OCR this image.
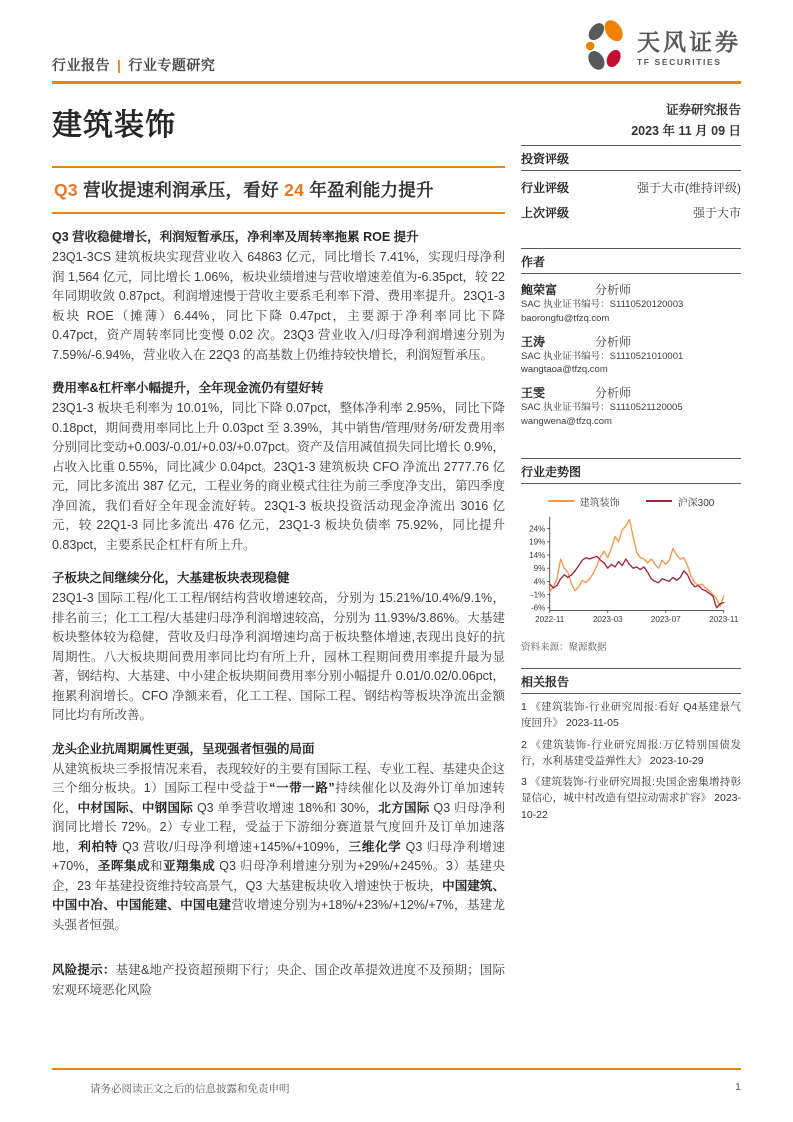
行业报告 | 行业专题研究
天风证券
TF SECURITIES
建筑装饰
Q3 营收提速利润承压，看好 24 年盈利能力提升
Q3 营收稳健增长，利润短暂承压，净利率及周转率拖累 ROE 提升

23Q1-3CS 建筑板块实现营业收入 64863 亿元，同比增长 7.41%，实现归母净利润 1,564 亿元，同比增长 1.06%，板块业绩增速与营收增速差值为-6.35pct，较 22 年同期收敛 0.87pct。利润增速慢于营收主要系毛利率下滑、费用率提升。23Q1-3 板块 ROE（摊薄）6.44%，同比下降 0.47pct，主要源于净利率同比下降 0.47pct，资产周转率同比变慢 0.02 次。23Q3 营业收入/归母净利润增速分别为 7.59%/-6.94%，营业收入在 22Q3 的高基数上仍维持较快增长，利润短暂承压。

费用率&杠杆率小幅提升，全年现金流仍有望好转

23Q1-3 板块毛利率为 10.01%，同比下降 0.07pct，整体净利率 2.95%，同比下降 0.18pct，期间费用率同比上升 0.03pct 至 3.39%，其中销售/管理/财务/研发费用率分别同比变动+0.003/-0.01/+0.03/+0.07pct。资产及信用减值损失同比增长 0.9%，占收入比重 0.55%，同比减少 0.04pct。23Q1-3 建筑板块 CFO 净流出 2777.76 亿元，同比多流出 387 亿元，工程业务的商业模式往往为前三季度净支出，第四季度净回流，我们看好全年现金流好转。23Q1-3 板块投资活动现金净流出 3016 亿元，较 22Q1-3 同比多流出 476 亿元，23Q1-3 板块负债率 75.92%，同比提升 0.83pct，主要系民企杠杆有所上升。

子板块之间继续分化，大基建板块表现稳健

23Q1-3 国际工程/化工工程/钢结构营收增速较高，分别为 15.21%/10.4%/9.1%，排名前三；化工工程/大基建归母净利润增速较高，分别为 11.93%/3.86%。大基建板块整体较为稳健，营收及归母净利润增速均高于板块整体增速,表现出良好的抗周期性。八大板块期间费用率同比均有所上升，园林工程期间费用率提升最为显著，钢结构、大基建、中小建企板块期间费用率分别小幅提升 0.01/0.02/0.06pct，拖累利润增长。CFO 净额来看，化工工程、国际工程、钢结构等板块净流出金额同比均有所改善。

龙头企业抗周期属性更强，呈现强者恒强的局面

从建筑板块三季报情况来看，表现较好的主要有国际工程、专业工程、基建央企这三个细分板块。1）国际工程中受益于“一带一路”持续催化以及海外订单加速转化，中材国际、中钢国际 Q3 单季营收增速 18%和 30%，北方国际 Q3 归母净利润同比增长 72%。2）专业工程，受益于下游细分赛道景气度回升及订单加速落地，利柏特 Q3 营收/归母净利增速+145%/+109%，三维化学 Q3 归母净利增速+70%，圣晖集成和亚翔集成 Q3 归母净利增速分别为+29%/+245%。3）基建央企，23 年基建投资维持较高景气，Q3 大基建板块收入增速快于板块，中国建筑、中国中冶、中国能建、中国电建营收增速分别为+18%/+23%/+12%/+7%，基建龙头强者恒强。

风险提示：基建&地产投资超预期下行；央企、国企改革提效进度不及预期；国际宏观环境恶化风险

证券研究报告
2023 年 11 月 09 日
投资评级
行业评级	强于大市(维持评级)
上次评级	强于大市
作者
鲍荣富	分析师
SAC 执业证书编号：S1110520120003
baorongfu@tfzq.com
王涛	分析师
SAC 执业证书编号：S1110521010001
wangtaoa@tfzq.com
王雯	分析师
SAC 执业证书编号：S1110521120005
wangwena@tfzq.com
行业走势图
建筑装饰	沪深300
24%
19%
14%
9%
4%
-1%
-6%
2022-11	2023-03	2023-07	2023-11
资料来源：聚源数据
相关报告
1 《建筑装饰-行业研究周报:看好 Q4基建景气度回升》 2023-11-05
2 《建筑装饰-行业研究周报:万亿特别国债发行，水利基建受益弹性大》 2023-10-29
3 《建筑装饰-行业研究周报:央国企密集增持彰显信心，城中村改造有望拉动需求扩容》 2023-10-22
请务必阅读正文之后的信息披露和免责申明	1
